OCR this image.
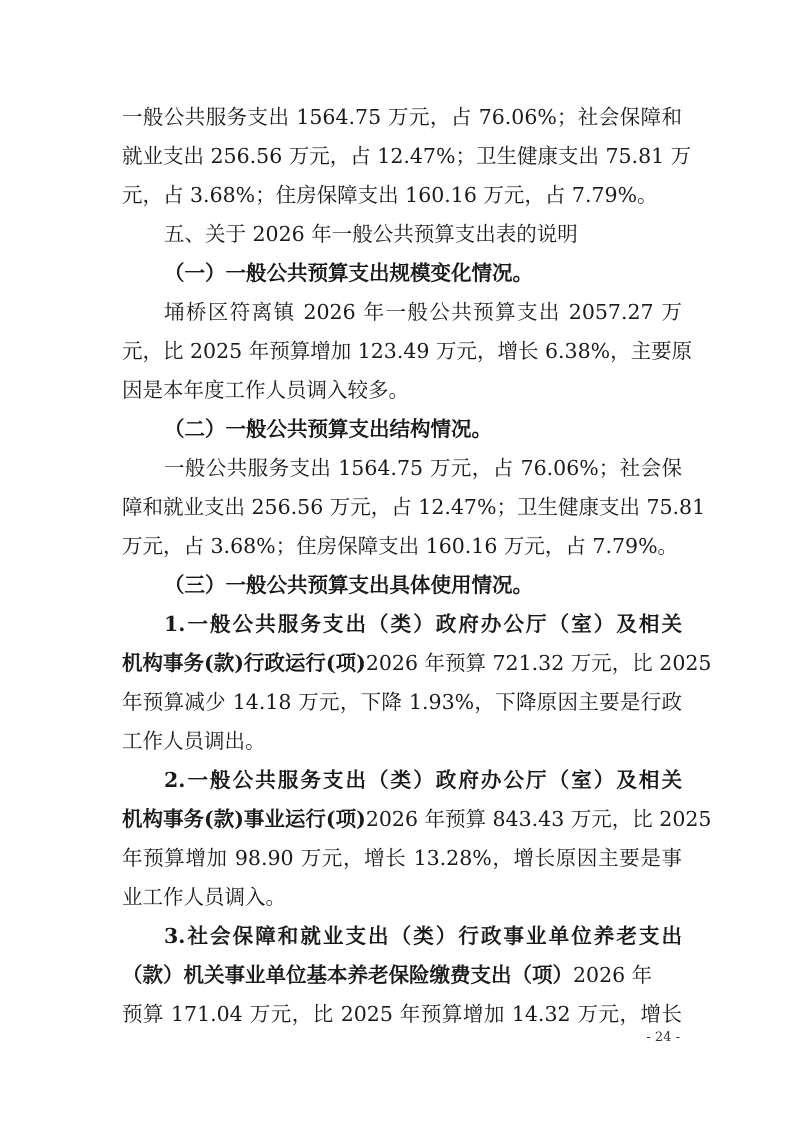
一般公共服务支出 1564.75 万元，占 76.06%；社会保障和
就业支出 256.56 万元，占 12.47%；卫生健康支出 75.81 万
元，占 3.68%；住房保障支出 160.16 万元，占 7.79%。
五、关于 2026 年一般公共预算支出表的说明
（一）一般公共预算支出规模变化情况。
埇桥区符离镇 2026 年一般公共预算支出 2057.27 万
元，比 2025 年预算增加 123.49 万元，增长 6.38%，主要原
因是本年度工作人员调入较多。
（二）一般公共预算支出结构情况。
一般公共服务支出 1564.75 万元，占 76.06%；社会保
障和就业支出 256.56 万元，占 12.47%；卫生健康支出 75.81
万元，占 3.68%；住房保障支出 160.16 万元，占 7.79%。
（三）一般公共预算支出具体使用情况。
1.一般公共服务支出（类）政府办公厅（室）及相关
机构事务(款)行政运行(项)2026 年预算 721.32 万元，比 2025
年预算减少 14.18 万元，下降 1.93%，下降原因主要是行政
工作人员调出。
2.一般公共服务支出（类）政府办公厅（室）及相关
机构事务(款)事业运行(项)2026 年预算 843.43 万元，比 2025
年预算增加 98.90 万元，增长 13.28%，增长原因主要是事
业工作人员调入。
3.社会保障和就业支出（类）行政事业单位养老支出
（款）机关事业单位基本养老保险缴费支出（项）2026 年
预算 171.04 万元，比 2025 年预算增加 14.32 万元，增长
- 24 -
